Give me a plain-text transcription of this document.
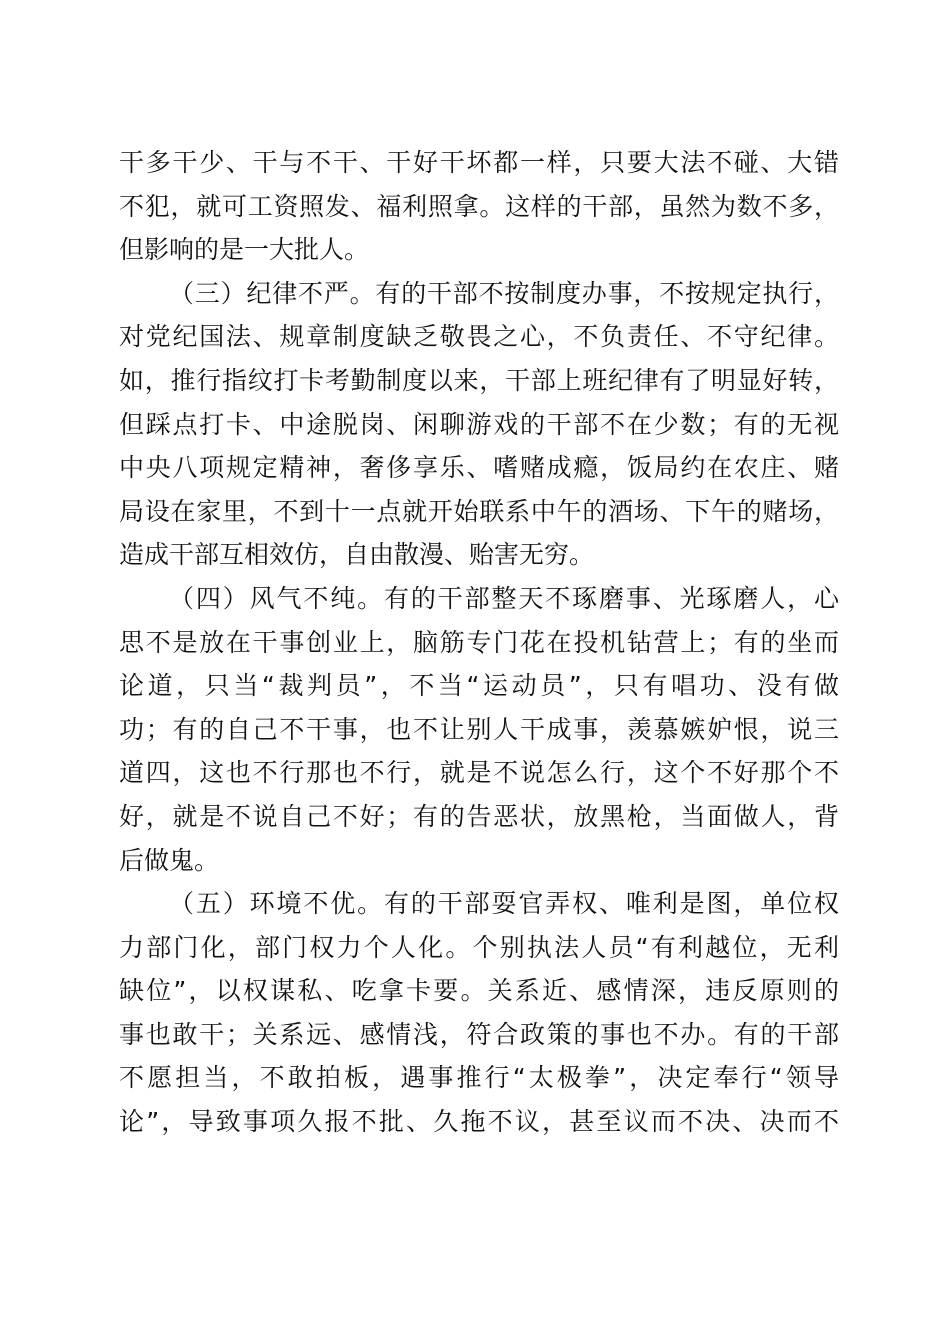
干多干少、干与不干、干好干坏都一样，只要大法不碰、大错
不犯，就可工资照发、福利照拿。这样的干部，虽然为数不多，
但影响的是一大批人。
（三）纪律不严。有的干部不按制度办事，不按规定执行，
对党纪国法、规章制度缺乏敬畏之心，不负责任、不守纪律。
如，推行指纹打卡考勤制度以来，干部上班纪律有了明显好转，
但踩点打卡、中途脱岗、闲聊游戏的干部不在少数；有的无视
中央八项规定精神，奢侈享乐、嗜赌成瘾，饭局约在农庄、赌
局设在家里，不到十一点就开始联系中午的酒场、下午的赌场，
造成干部互相效仿，自由散漫、贻害无穷。
（四）风气不纯。有的干部整天不琢磨事、光琢磨人，心
思不是放在干事创业上，脑筋专门花在投机钻营上；有的坐而
论道，只当“裁判员”，不当“运动员”，只有唱功、没有做
功；有的自己不干事，也不让别人干成事，羡慕嫉妒恨，说三
道四，这也不行那也不行，就是不说怎么行，这个不好那个不
好，就是不说自己不好；有的告恶状，放黑枪，当面做人，背
后做鬼。
（五）环境不优。有的干部耍官弄权、唯利是图，单位权
力部门化，部门权力个人化。个别执法人员“有利越位，无利
缺位”，以权谋私、吃拿卡要。关系近、感情深，违反原则的
事也敢干；关系远、感情浅，符合政策的事也不办。有的干部
不愿担当，不敢拍板，遇事推行“太极拳”，决定奉行“领导
论”，导致事项久报不批、久拖不议，甚至议而不决、决而不
